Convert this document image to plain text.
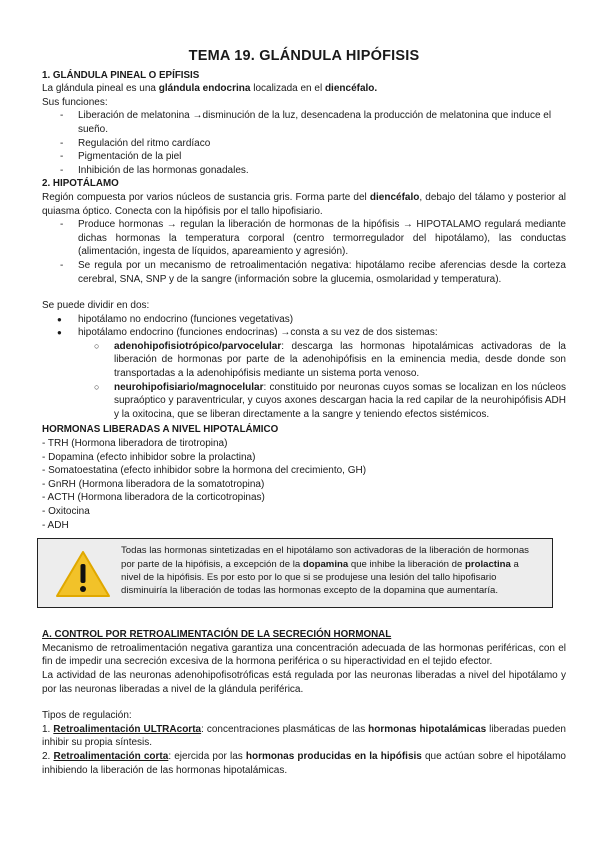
TEMA 19. GLÁNDULA HIPÓFISIS
1. GLÁNDULA PINEAL O EPÍFISIS

La glándula pineal es una glándula endocrina localizada en el diencéfalo.

Sus funciones:

- Liberación de melatonina →disminución de la luz, desencadena la producción de melatonina que induce el sueño.
- Regulación del ritmo cardíaco
- Pigmentación de la piel
- Inhibición de las hormonas gonadales.
2. HIPOTÁLAMO

Región compuesta por varios núcleos de sustancia gris. Forma parte del diencéfalo, debajo del tálamo y posterior al quiasma óptico. Conecta con la hipófisis por el tallo hipofisiario.

- Produce hormonas → regulan la liberación de hormonas de la hipófisis → HIPOTALAMO regulará mediante dichas hormonas la temperatura corporal (centro termorregulador del hipotálamo), las conductas (alimentación, ingesta de líquidos, apareamiento y agresión).
- Se regula por un mecanismo de retroalimentación negativa: hipotálamo recibe aferencias desde la corteza cerebral, SNA, SNP y de la sangre (información sobre la glucemia, osmolaridad y temperatura).

Se puede dividir en dos:

● hipotálamo no endocrino (funciones vegetativas)
● hipotálamo endocrino (funciones endocrinas) →consta a su vez de dos sistemas:
○ adenohipofisiotrópico/parvocelular: descarga las hormonas hipotalámicas activadoras de la liberación de hormonas por parte de la adenohipófisis en la eminencia media, desde donde son transportadas a la adenohipófisis mediante un sistema porta venoso.
○ neurohipofisiario/magnocelular: constituido por neuronas cuyos somas se localizan en los núcleos supraóptico y paraventricular, y cuyos axones descargan hacia la red capilar de la neurohipófisis ADH y la oxitocina, que se liberan directamente a la sangre y teniendo efectos sistémicos.
HORMONAS LIBERADAS A NIVEL HIPOTALÁMICO
- TRH (Hormona liberadora de tirotropina)
- Dopamina (efecto inhibidor sobre la prolactina)
- Somatoestatina (efecto inhibidor sobre la hormona del crecimiento, GH)
- GnRH (Hormona liberadora de la somatotropina)
- ACTH (Hormona liberadora de la corticotropinas)
- Oxitocina
- ADH
Todas las hormonas sintetizadas en el hipotálamo son activadoras de la liberación de hormonas por parte de la hipófisis, a excepción de la dopamina que inhibe la liberación de prolactina a nivel de la hipófisis. Es por esto por lo que si se produjese una lesión del tallo hipofisario disminuiría la liberación de todas las hormonas excepto de la dopamina que aumentaría.
A. CONTROL POR RETROALIMENTACIÓN DE LA SECRECIÓN HORMONAL

Mecanismo de retroalimentación negativa garantiza una concentración adecuada de las hormonas periféricas, con el fin de impedir una secreción excesiva de la hormona periférica o su hiperactividad en el tejido efector.

La actividad de las neuronas adenohipofisotróficas está regulada por las neuronas liberadas a nivel del hipotálamo y por las neuronas liberadas a nivel de la glándula periférica.

Tipos de regulación:

1. Retroalimentación ULTRAcorta: concentraciones plasmáticas de las hormonas hipotalámicas liberadas pueden inhibir su propia síntesis.

2. Retroalimentación corta: ejercida por las hormonas producidas en la hipófisis que actúan sobre el hipotálamo inhibiendo la liberación de las hormonas hipotalámicas.
